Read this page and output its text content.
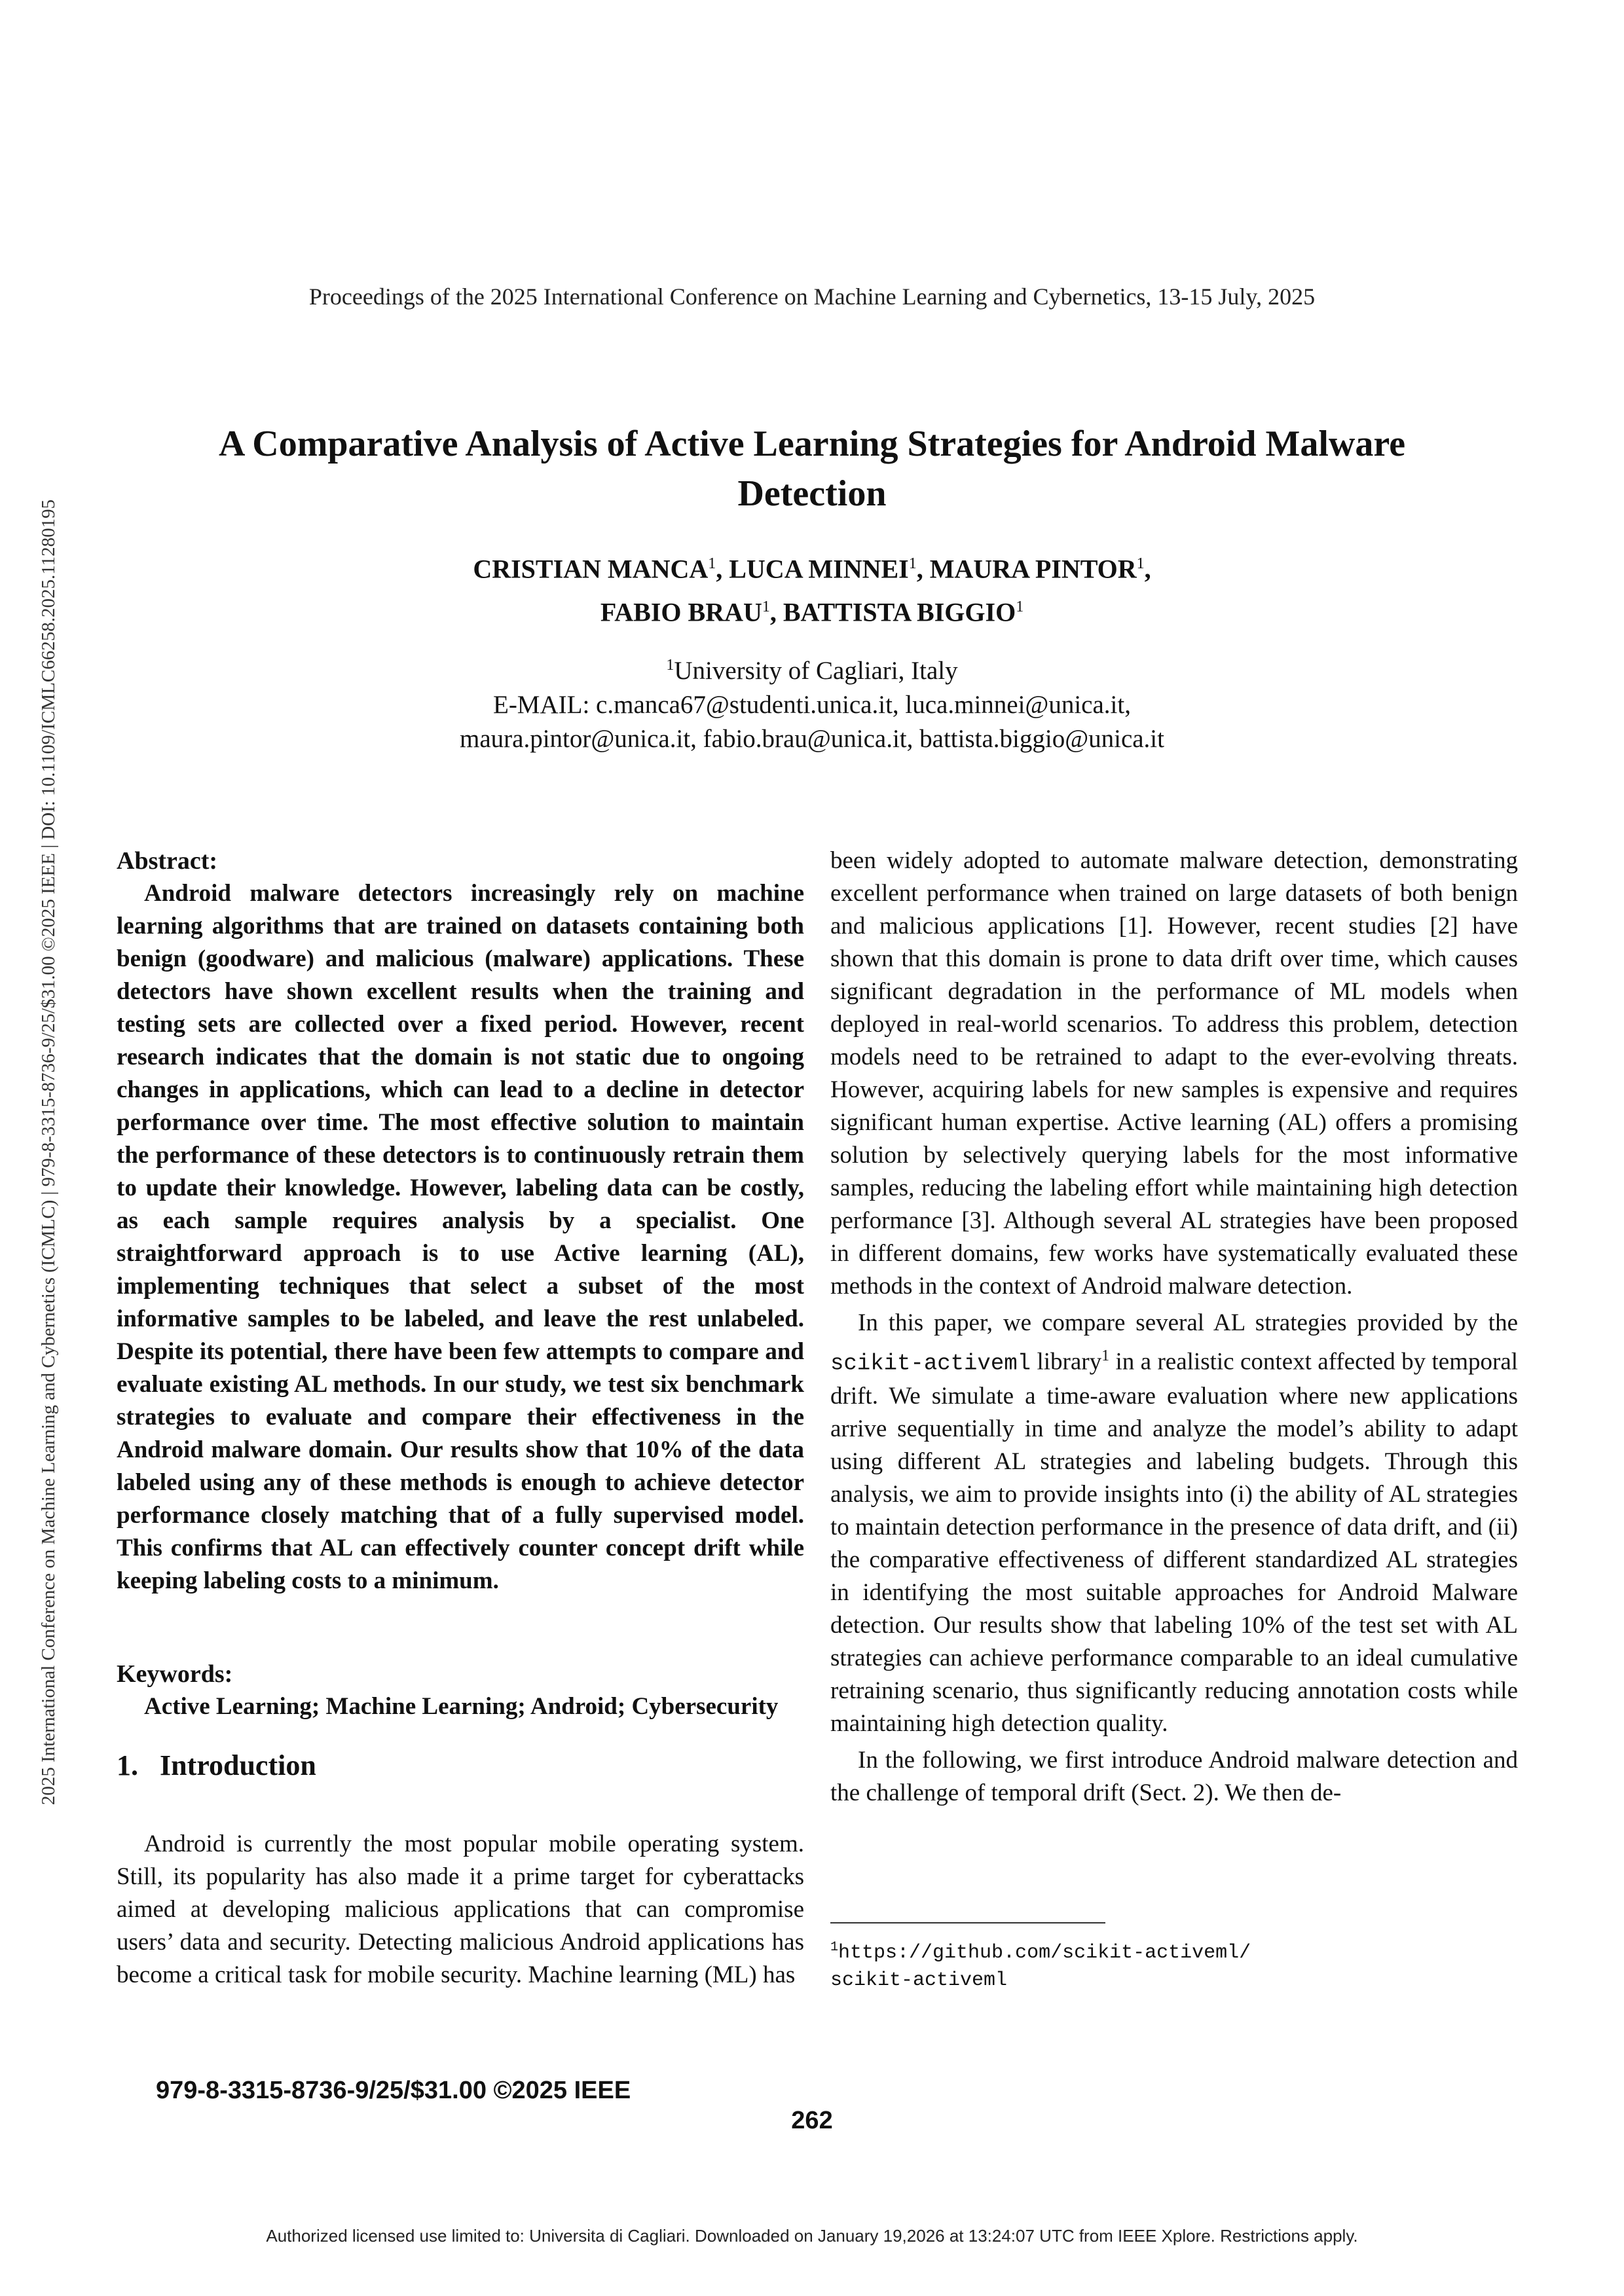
Proceedings of the 2025 International Conference on Machine Learning and Cybernetics, 13-15 July, 2025
2025 International Conference on Machine Learning and Cybernetics (ICMLC) | 979-8-3315-8736-9/25/$31.00 ©2025 IEEE | DOI: 10.1109/ICMLC66258.2025.11280195
A Comparative Analysis of Active Learning Strategies for Android Malware
Detection
CRISTIAN MANCA$^1$, LUCA MINNEI$^1$, MAURA PINTOR$^1$,
FABIO BRAU$^1$, BATTISTA BIGGIO$^1$
$^1$University of Cagliari, Italy
E-MAIL: c.manca67@studenti.unica.it, luca.minnei@unica.it,
maura.pintor@unica.it, fabio.brau@unica.it, battista.biggio@unica.it
Abstract:

Android malware detectors increasingly rely on machine learning algorithms that are trained on datasets containing both benign (goodware) and malicious (malware) applications. These detectors have shown excellent results when the training and testing sets are collected over a fixed period. However, recent research indicates that the domain is not static due to ongoing changes in applications, which can lead to a decline in detector performance over time. The most effective solution to maintain the performance of these detectors is to continuously retrain them to update their knowledge. However, labeling data can be costly, as each sample requires analysis by a specialist. One straightforward approach is to use Active learning (AL), implementing techniques that select a subset of the most informative samples to be labeled, and leave the rest unlabeled. Despite its potential, there have been few attempts to compare and evaluate existing AL methods. In our study, we test six benchmark strategies to evaluate and compare their effectiveness in the Android malware domain. Our results show that 10% of the data labeled using any of these methods is enough to achieve detector performance closely matching that of a fully supervised model. This confirms that AL can effectively counter concept drift while keeping labeling costs to a minimum.

Keywords:

Active Learning; Machine Learning; Android; Cybersecurity

1.   Introduction

Android is currently the most popular mobile operating system. Still, its popularity has also made it a prime target for cyberattacks aimed at developing malicious applications that can compromise users’ data and security. Detecting malicious Android applications has become a critical task for mobile security. Machine learning (ML) has

been widely adopted to automate malware detection, demonstrating excellent performance when trained on large datasets of both benign and malicious applications [1]. However, recent studies [2] have shown that this domain is prone to data drift over time, which causes significant degradation in the performance of ML models when deployed in real-world scenarios. To address this problem, detection models need to be retrained to adapt to the ever-evolving threats. However, acquiring labels for new samples is expensive and requires significant human expertise. Active learning (AL) offers a promising solution by selectively querying labels for the most informative samples, reducing the labeling effort while maintaining high detection performance [3]. Although several AL strategies have been proposed in different domains, few works have systematically evaluated these methods in the context of Android malware detection.

In this paper, we compare several AL strategies provided by the scikit-activeml library$^1$ in a realistic context affected by temporal drift. We simulate a time-aware evaluation where new applications arrive sequentially in time and analyze the model’s ability to adapt using different AL strategies and labeling budgets. Through this analysis, we aim to provide insights into (i) the ability of AL strategies to maintain detection performance in the presence of data drift, and (ii) the comparative effectiveness of different standardized AL strategies in identifying the most suitable approaches for Android Malware detection. Our results show that labeling 10% of the test set with AL strategies can achieve performance comparable to an ideal cumulative retraining scenario, thus significantly reducing annotation costs while maintaining high detection quality.

In the following, we first introduce Android malware detection and the challenge of temporal drift (Sect. 2). We then de-

$^1$https://github.com/scikit-activeml/
scikit-activeml
979-8-3315-8736-9/25/$31.00 ©2025 IEEE
262
Authorized licensed use limited to: Universita di Cagliari. Downloaded on January 19,2026 at 13:24:07 UTC from IEEE Xplore. Restrictions apply.
